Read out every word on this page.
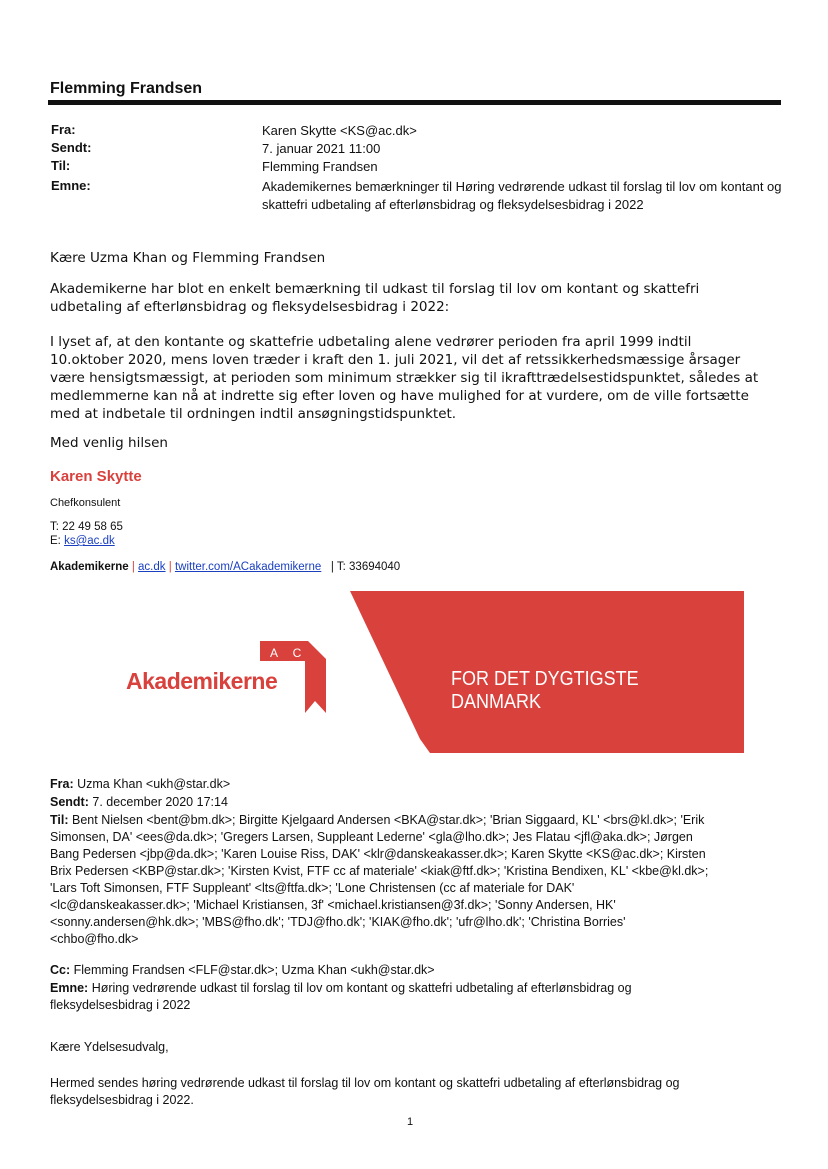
Flemming Frandsen
Fra:	Karen Skytte <KS@ac.dk>
Sendt:	7. januar 2021 11:00
Til:	Flemming Frandsen
Emne:	Akademikernes bemærkninger til Høring vedrørende udkast til forslag til lov om kontant og skattefri udbetaling af efterlønsbidrag og fleksydelsesbidrag i 2022
Kære Uzma Khan og Flemming Frandsen
Akademikerne har blot en enkelt bemærkning til udkast til forslag til lov om kontant og skattefri udbetaling af efterlønsbidrag og fleksydelsesbidrag i 2022:
I lyset af, at den kontante og skattefrie udbetaling alene vedrører perioden fra april 1999 indtil 10.oktober 2020, mens loven træder i kraft den 1. juli 2021, vil det af retssikkerhedsmæssige årsager være hensigtsmæssigt, at perioden som minimum strækker sig til ikrafttrædelsestidspunktet, således at medlemmerne kan nå at indrette sig efter loven og have mulighed for at vurdere, om de ville fortsætte med at indbetale til ordningen indtil ansøgningstidspunktet.
Med venlig hilsen
Karen Skytte
Chefkonsulent
T: 22 49 58 65
E: ks@ac.dk
Akademikerne | ac.dk | twitter.com/ACakademikerne | T: 33694040
A C
Akademikerne	FOR DET DYGTIGSTE DANMARK
Fra: Uzma Khan <ukh@star.dk>
Sendt: 7. december 2020 17:14
Til: Bent Nielsen <bent@bm.dk>; Birgitte Kjelgaard Andersen <BKA@star.dk>; 'Brian Siggaard, KL' <brs@kl.dk>; 'Erik
Simonsen, DA' <ees@da.dk>; 'Gregers Larsen, Suppleant Lederne' <gla@lho.dk>; Jes Flatau <jfl@aka.dk>; Jørgen
Bang Pedersen <jbp@da.dk>; 'Karen Louise Riss, DAK' <klr@danskeakasser.dk>; Karen Skytte <KS@ac.dk>; Kirsten
Brix Pedersen <KBP@star.dk>; 'Kirsten Kvist, FTF cc af materiale' <kiak@ftf.dk>; 'Kristina Bendixen, KL' <kbe@kl.dk>;
'Lars Toft Simonsen, FTF Suppleant' <lts@ftfa.dk>; 'Lone Christensen (cc af materiale for DAK'
<lc@danskeakasser.dk>; 'Michael Kristiansen, 3f' <michael.kristiansen@3f.dk>; 'Sonny Andersen, HK'
<sonny.andersen@hk.dk>; 'MBS@fho.dk'; 'TDJ@fho.dk'; 'KIAK@fho.dk'; 'ufr@lho.dk'; 'Christina Borries'
<chbo@fho.dk>
Cc: Flemming Frandsen <FLF@star.dk>; Uzma Khan <ukh@star.dk>
Emne: Høring vedrørende udkast til forslag til lov om kontant og skattefri udbetaling af efterlønsbidrag og
fleksydelsesbidrag i 2022
Kære Ydelsesudvalg,
Hermed sendes høring vedrørende udkast til forslag til lov om kontant og skattefri udbetaling af efterlønsbidrag og fleksydelsesbidrag i 2022.
1
